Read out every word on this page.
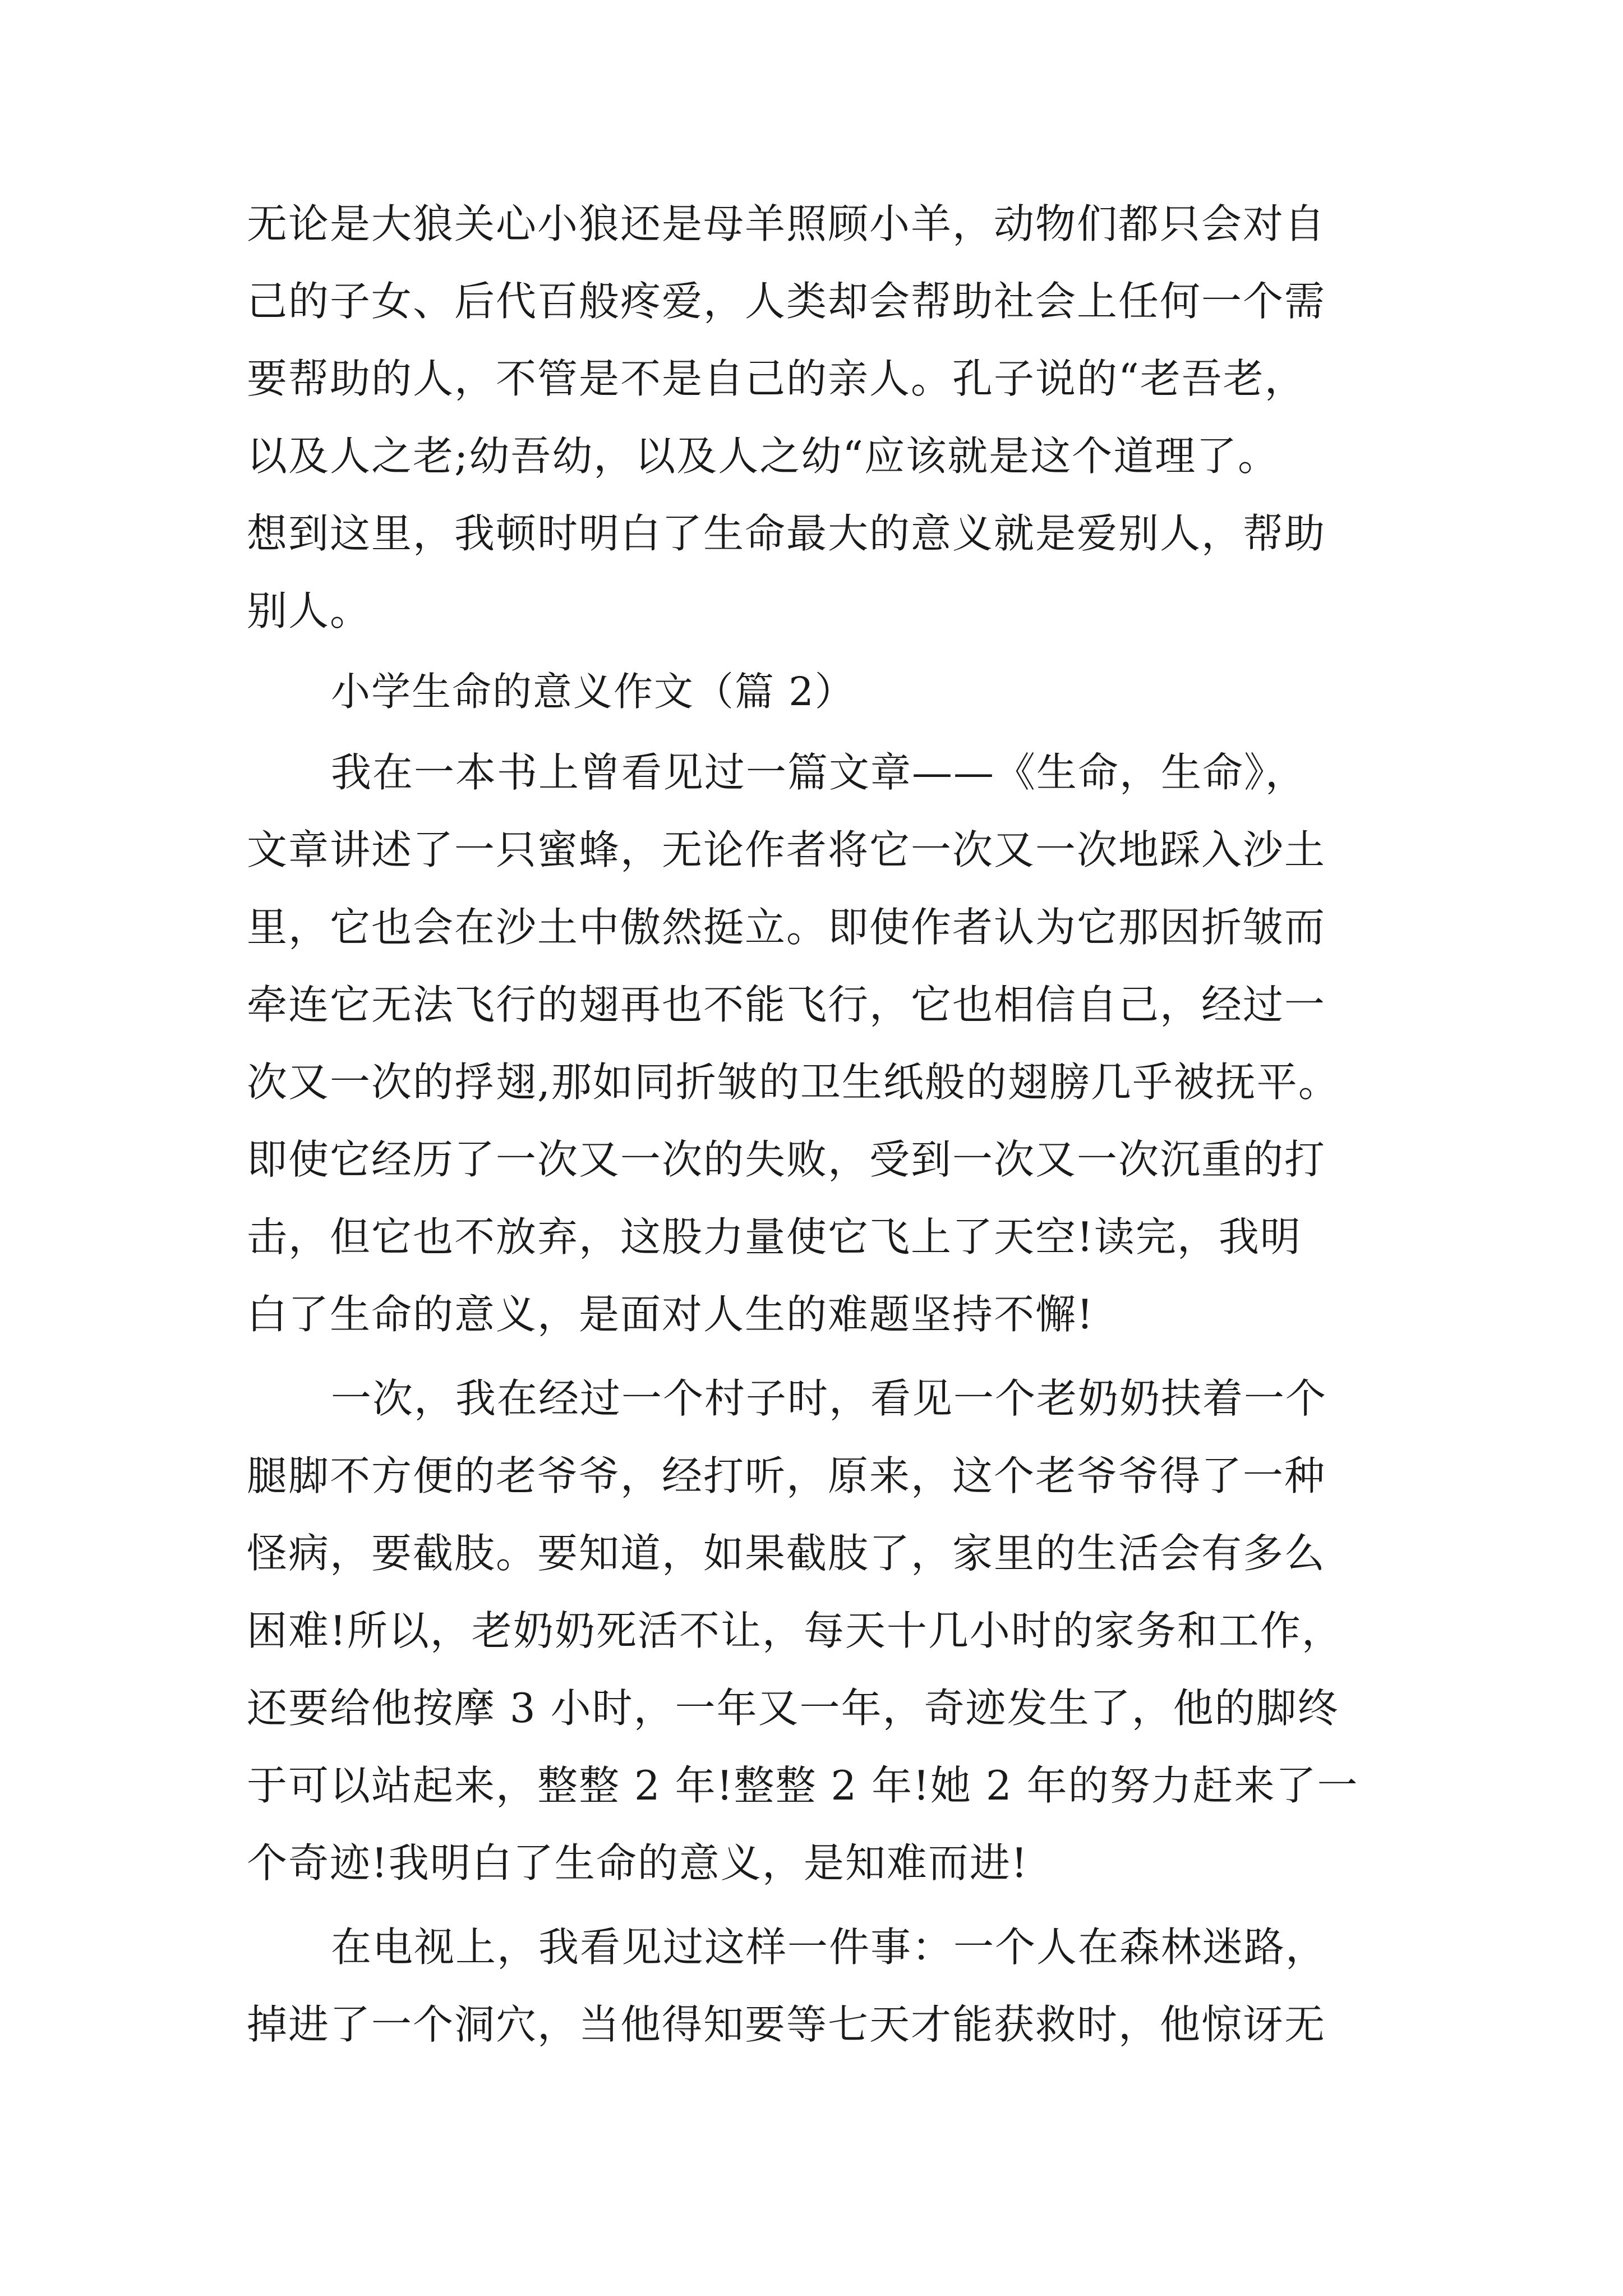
无论是大狼关心小狼还是母羊照顾小羊，动物们都只会对自
己的子女、后代百般疼爱，人类却会帮助社会上任何一个需
要帮助的人，不管是不是自己的亲人。孔子说的“老吾老，
以及人之老;幼吾幼，以及人之幼“应该就是这个道理了。
想到这里，我顿时明白了生命最大的意义就是爱别人，帮助
别人。
小学生命的意义作文（篇 2）
我在一本书上曾看见过一篇文章——《生命，生命》，
文章讲述了一只蜜蜂，无论作者将它一次又一次地踩入沙土
里，它也会在沙土中傲然挺立。即使作者认为它那因折皱而
牵连它无法飞行的翅再也不能飞行，它也相信自己，经过一
次又一次的捊翅,那如同折皱的卫生纸般的翅膀几乎被抚平。
即使它经历了一次又一次的失败，受到一次又一次沉重的打
击，但它也不放弃，这股力量使它飞上了天空!读完，我明
白了生命的意义，是面对人生的难题坚持不懈!
一次，我在经过一个村子时，看见一个老奶奶扶着一个
腿脚不方便的老爷爷，经打听，原来，这个老爷爷得了一种
怪病，要截肢。要知道，如果截肢了，家里的生活会有多么
困难!所以，老奶奶死活不让，每天十几小时的家务和工作，
还要给他按摩 3 小时，一年又一年，奇迹发生了，他的脚终
于可以站起来，整整 2 年!整整 2 年!她 2 年的努力赶来了一
个奇迹!我明白了生命的意义，是知难而进!
在电视上，我看见过这样一件事：一个人在森林迷路，
掉进了一个洞穴，当他得知要等七天才能获救时，他惊讶无
